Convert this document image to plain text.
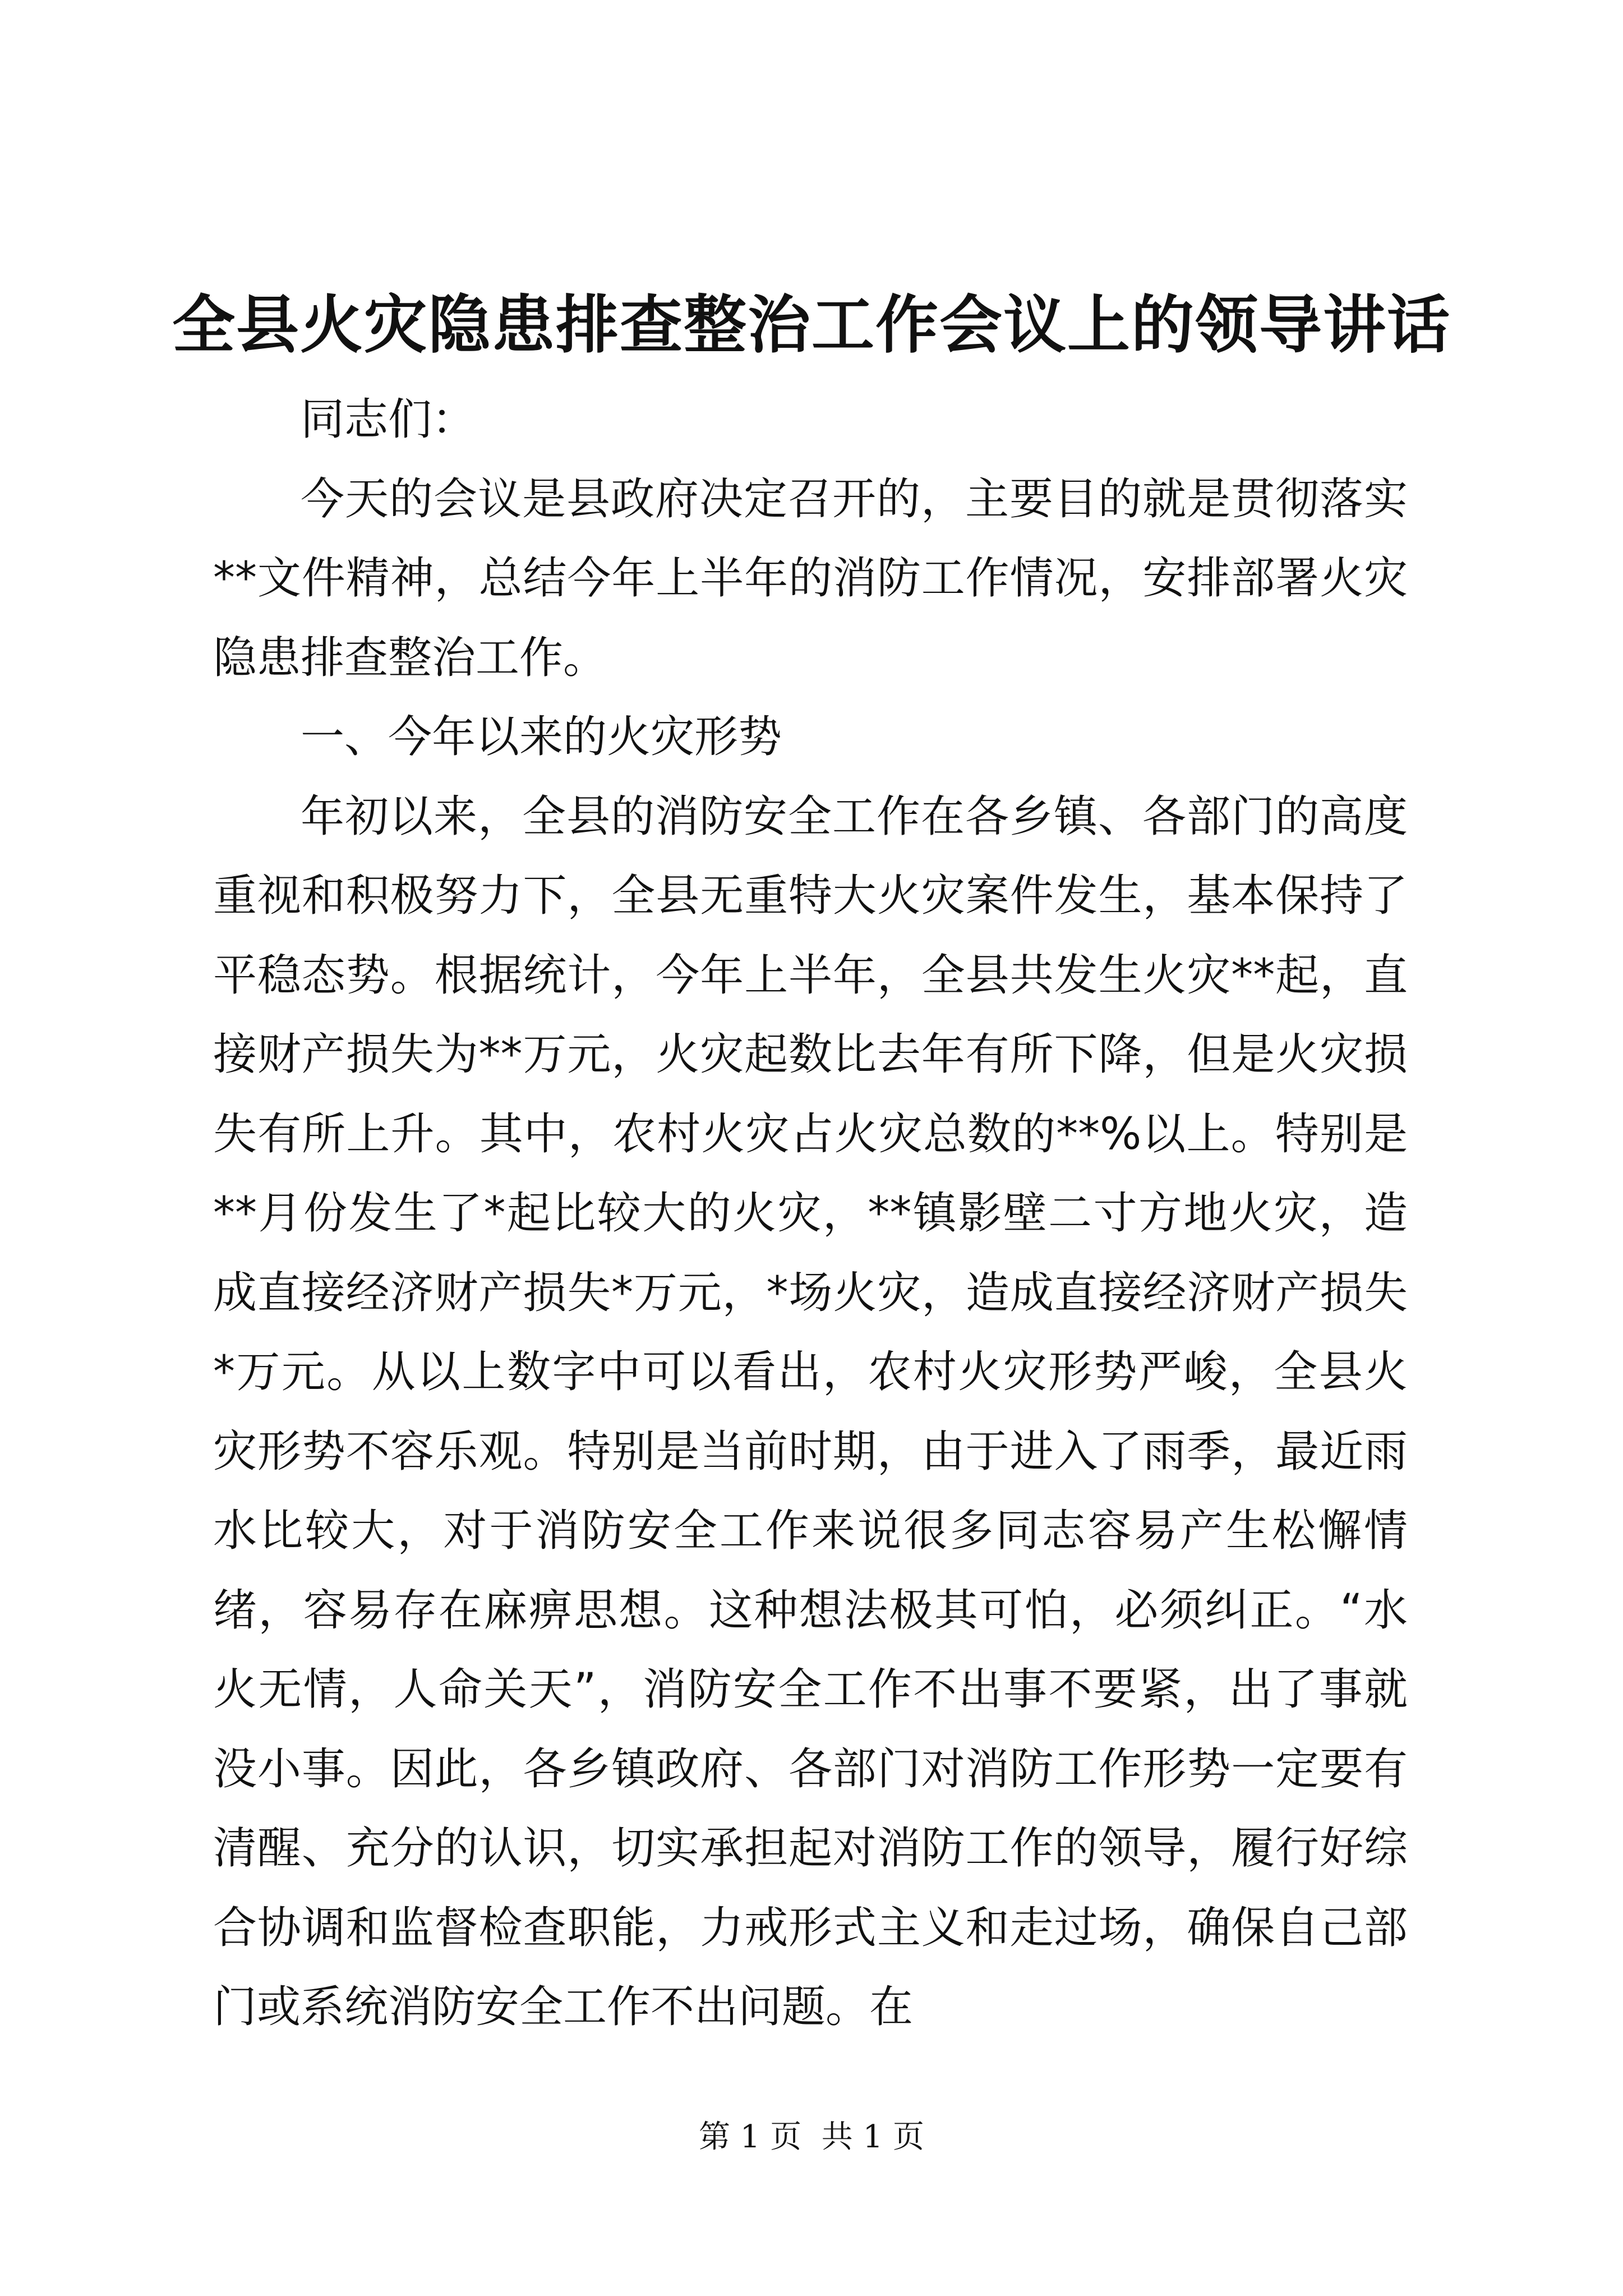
全县火灾隐患排查整治工作会议上的领导讲话

同志们：

今天的会议是县政府决定召开的，主要目的就是贯彻落实**文件精神，总结今年上半年的消防工作情况，安排部署火灾隐患排查整治工作。

一、今年以来的火灾形势

年初以来，全县的消防安全工作在各乡镇、各部门的高度重视和积极努力下，全县无重特大火灾案件发生，基本保持了平稳态势。根据统计，今年上半年，全县共发生火灾**起，直接财产损失为**万元，火灾起数比去年有所下降，但是火灾损失有所上升。其中，农村火灾占火灾总数的**%以上。特别是**月份发生了*起比较大的火灾，**镇影壁二寸方地火灾，造成直接经济财产损失*万元，*场火灾，造成直接经济财产损失*万元。从以上数字中可以看出，农村火灾形势严峻，全县火灾形势不容乐观。特别是当前时期，由于进入了雨季，最近雨水比较大，对于消防安全工作来说很多同志容易产生松懈情绪，容易存在麻痹思想。这种想法极其可怕，必须纠正。“水火无情，人命关天”，消防安全工作不出事不要紧，出了事就没小事。因此，各乡镇政府、各部门对消防工作形势一定要有清醒、充分的认识，切实承担起对消防工作的领导，履行好综合协调和监督检查职能，力戒形式主义和走过场，确保自己部门或系统消防安全工作不出问题。在

第 1 页  共 1 页
